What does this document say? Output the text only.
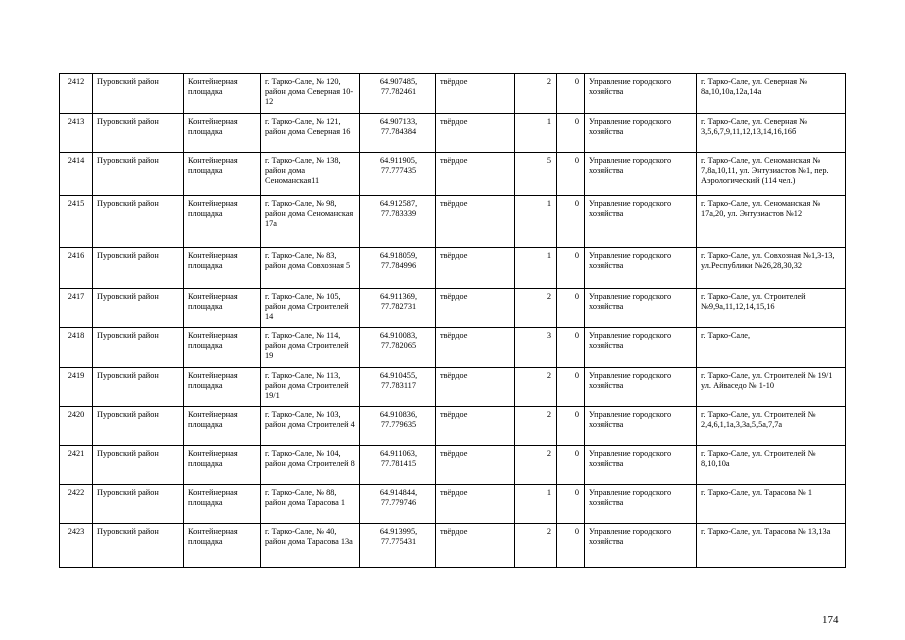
2412	Пуровский район	Контейнерная площадка	г. Тарко-Сале, № 120, район дома Северная 10-12	64.907485, 77.782461	твёрдое	2	0	Управление городского хозяйства	г. Тарко-Сале, ул. Северная № 8а,10,10а,12а,14а
2413	Пуровский район	Контейнерная площадка	г. Тарко-Сале, № 121, район дома Северная 16	64.907133, 77.784384	твёрдое	1	0	Управление городского хозяйства	г. Тарко-Сале, ул. Северная № 3,5,6,7,9,11,12,13,14,16,16б
2414	Пуровский район	Контейнерная площадка	г. Тарко-Сале, № 138, район дома Сеноманская11	64.911905, 77.777435	твёрдое	5	0	Управление городского хозяйства	г. Тарко-Сале, ул. Сеноманская № 7,8а,10,11, ул. Энтузиастов №1, пер. Аэрологический (114 чел.)
2415	Пуровский район	Контейнерная площадка	г. Тарко-Сале, № 98, район дома Сеноманская 17а	64.912587, 77.783339	твёрдое	1	0	Управление городского хозяйства	г. Тарко-Сале, ул. Сеноманская № 17а,20, ул. Энтузиастов №12
2416	Пуровский район	Контейнерная площадка	г. Тарко-Сале, № 83, район дома Совхозная 5	64.918059, 77.784996	твёрдое	1	0	Управление городского хозяйства	г. Тарко-Сале, ул. Совхозная №1,3-13, ул.Республики №26,28,30,32
2417	Пуровский район	Контейнерная площадка	г. Тарко-Сале, № 105, район дома Строителей 14	64.911369, 77.782731	твёрдое	2	0	Управление городского хозяйства	г. Тарко-Сале, ул. Строителей №9,9а,11,12,14,15,16
2418	Пуровский район	Контейнерная площадка	г. Тарко-Сале, № 114, район дома Строителей 19	64.910083, 77.782065	твёрдое	3	0	Управление городского хозяйства	г. Тарко-Сале,
2419	Пуровский район	Контейнерная площадка	г. Тарко-Сале, № 113, район дома Строителей 19/1	64.910455, 77.783117	твёрдое	2	0	Управление городского хозяйства	г. Тарко-Сале, ул. Строителей № 19/1 ул. Айваседо № 1-10
2420	Пуровский район	Контейнерная площадка	г. Тарко-Сале, № 103, район дома Строителей 4	64.910836, 77.779635	твёрдое	2	0	Управление городского хозяйства	г. Тарко-Сале, ул. Строителей № 2,4,6,1,1а,3,3а,5,5а,7,7а
2421	Пуровский район	Контейнерная площадка	г. Тарко-Сале, № 104, район дома Строителей 8	64.911063, 77.781415	твёрдое	2	0	Управление городского хозяйства	г. Тарко-Сале, ул. Строителей № 8,10,10а
2422	Пуровский район	Контейнерная площадка	г. Тарко-Сале, № 88, район дома Тарасова 1	64.914844, 77.779746	твёрдое	1	0	Управление городского хозяйства	г. Тарко-Сале, ул. Тарасова № 1
2423	Пуровский район	Контейнерная площадка	г. Тарко-Сале, № 40, район дома Тарасова 13а	64.913995, 77.775431	твёрдое	2	0	Управление городского хозяйства	г. Тарко-Сале, ул. Тарасова № 13,13а
174
